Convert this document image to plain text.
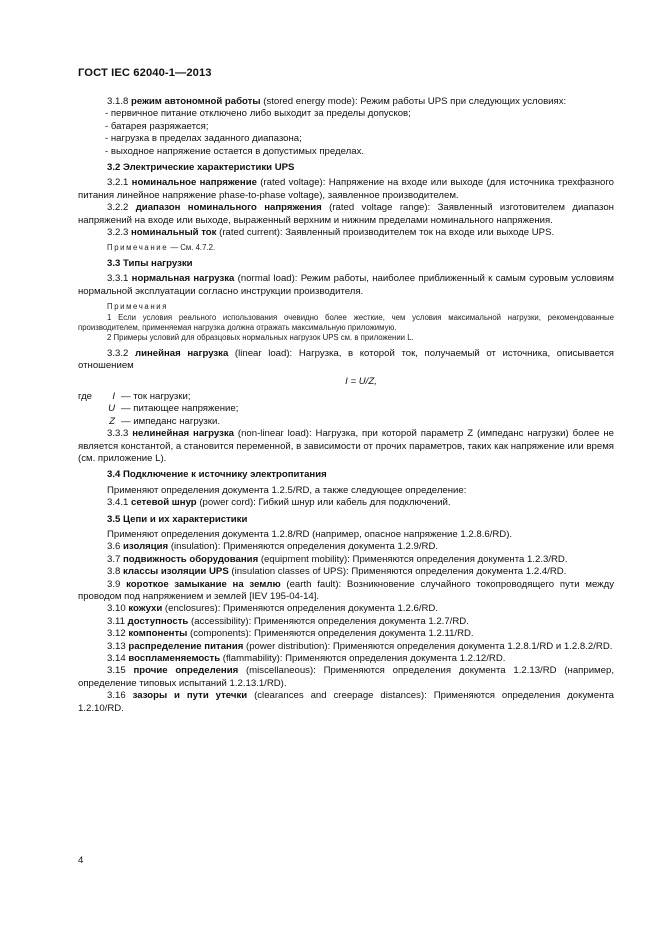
ГОСТ IEC 62040-1—2013

3.1.8 режим автономной работы (stored energy mode): Режим работы UPS при следующих условиях:

- первичное питание отключено либо выходит за пределы допусков;

- батарея разряжается;

- нагрузка в пределах заданного диапазона;

- выходное напряжение остается в допустимых пределах.

3.2 Электрические характеристики UPS

3.2.1 номинальное напряжение (rated voltage): Напряжение на входе или выходе (для источника трехфазного питания линейное напряжение phase-to-phase voltage), заявленное производителем.

3.2.2 диапазон номинального напряжения (rated voltage range): Заявленный изготовителем диапазон напряжений на входе или выходе, выраженный верхним и нижним пределами номинального напряжения.

3.2.3 номинальный ток (rated current): Заявленный производителем ток на входе или выходе UPS.

Примечание — См. 4.7.2.

3.3 Типы нагрузки

3.3.1 нормальная нагрузка (normal load): Режим работы, наиболее приближенный к самым суровым условиям нормальной эксплуатации согласно инструкции производителя.

Примечания

1 Если условия реального использования очевидно более жесткие, чем условия максимальной нагрузки, рекомендованные производителем, применяемая нагрузка должна отражать максимальную приложимую.

2 Примеры условий для образцовых нормальных нагрузок UPS см. в приложении L.

3.3.2 линейная нагрузка (linear load): Нагрузка, в которой ток, получаемый от источника, описывается отношением

I = U/Z,

где	I — ток нагрузки;
U — питающее напряжение;
Z — импеданс нагрузки.

3.3.3 нелинейная нагрузка (non-linear load): Нагрузка, при которой параметр Z (импеданс нагрузки) более не является константой, а становится переменной, в зависимости от прочих параметров, таких как напряжение или время (см. приложение L).

3.4 Подключение к источнику электропитания

Применяют определения документа 1.2.5/RD, а также следующее определение:

3.4.1 сетевой шнур (power cord): Гибкий шнур или кабель для подключений.

3.5 Цепи и их характеристики

Применяют определения документа 1.2.8/RD (например, опасное напряжение 1.2.8.6/RD).

3.6 изоляция (insulation): Применяются определения документа 1.2.9/RD.

3.7 подвижность оборудования (equipment mobility): Применяются определения документа 1.2.3/RD.

3.8 классы изоляции UPS (insulation classes of UPS): Применяются определения документа 1.2.4/RD.

3.9 короткое замыкание на землю (earth fault): Возникновение случайного токопроводящего пути между проводом под напряжением и землей [IEV 195-04-14].

3.10 кожухи (enclosures): Применяются определения документа 1.2.6/RD.

3.11 доступность (accessibility): Применяются определения документа 1.2.7/RD.

3.12 компоненты (components): Применяются определения документа 1.2.11/RD.

3.13 распределение питания (power distribution): Применяются определения документа 1.2.8.1/RD и 1.2.8.2/RD.

3.14 воспламеняемость (flammability): Применяются определения документа 1.2.12/RD.

3.15 прочие определения (miscellaneous): Применяются определения документа 1.2.13/RD (например, определение типовых испытаний 1.2.13.1/RD).

3.16 зазоры и пути утечки (clearances and creepage distances): Применяются определения документа 1.2.10/RD.

4
